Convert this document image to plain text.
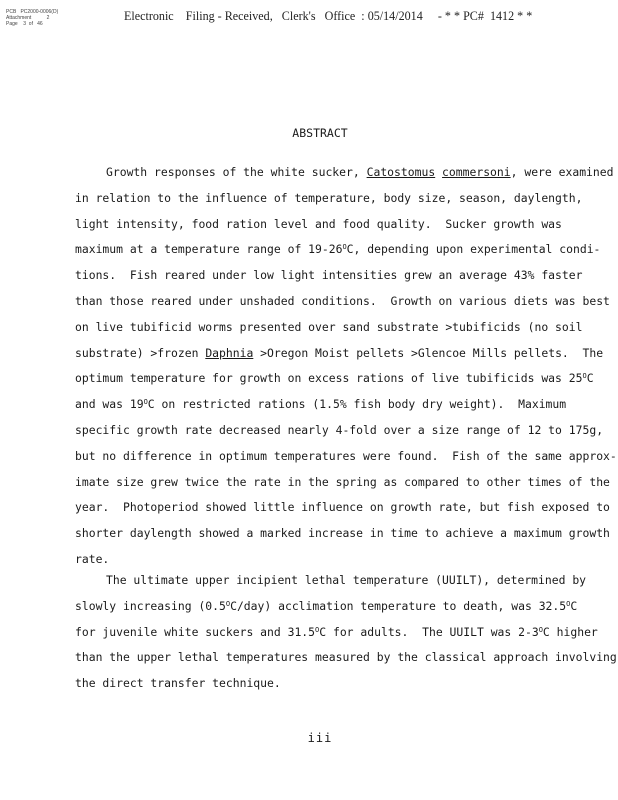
PCB   PC2000-0006(D)
Attachment           2
Page    3  of   46
Electronic    Filing - Received,   Clerk's   Office  : 05/14/2014     - * * PC#  1412 * *
ABSTRACT
Growth responses of the white sucker, Catostomus commersoni, were examined
in relation to the influence of temperature, body size, season, daylength,
light intensity, food ration level and food quality.  Sucker growth was
maximum at a temperature range of $19-26^OC$, depending upon experimental condi-
tions.  Fish reared under low light intensities grew an average 43% faster
than those reared under unshaded conditions.  Growth on various diets was best
on live tubificid worms presented over sand substrate >tubificids (no soil
substrate) >frozen Daphnia >Oregon Moist pellets >Glencoe Mills pellets.  The
optimum temperature for growth on excess rations of live tubificids was $25^OC$
and was $19^OC$ on restricted rations (1.5% fish body dry weight).  Maximum
specific growth rate decreased nearly 4-fold over a size range of 12 to 175g,
but no difference in optimum temperatures were found.  Fish of the same approx-
imate size grew twice the rate in the spring as compared to other times of the
year.  Photoperiod showed little influence on growth rate, but fish exposed to
shorter daylength showed a marked increase in time to achieve a maximum growth
rate.
The ultimate upper incipient lethal temperature (UUILT), determined by
slowly increasing $(0.5^OC/day)$ acclimation temperature to death, was $32.5^OC$
for juvenile white suckers and $31.5^OC$ for adults.  The UUILT was $2-3^OC$ higher
than the upper lethal temperatures measured by the classical approach involving
the direct transfer technique.
iii
